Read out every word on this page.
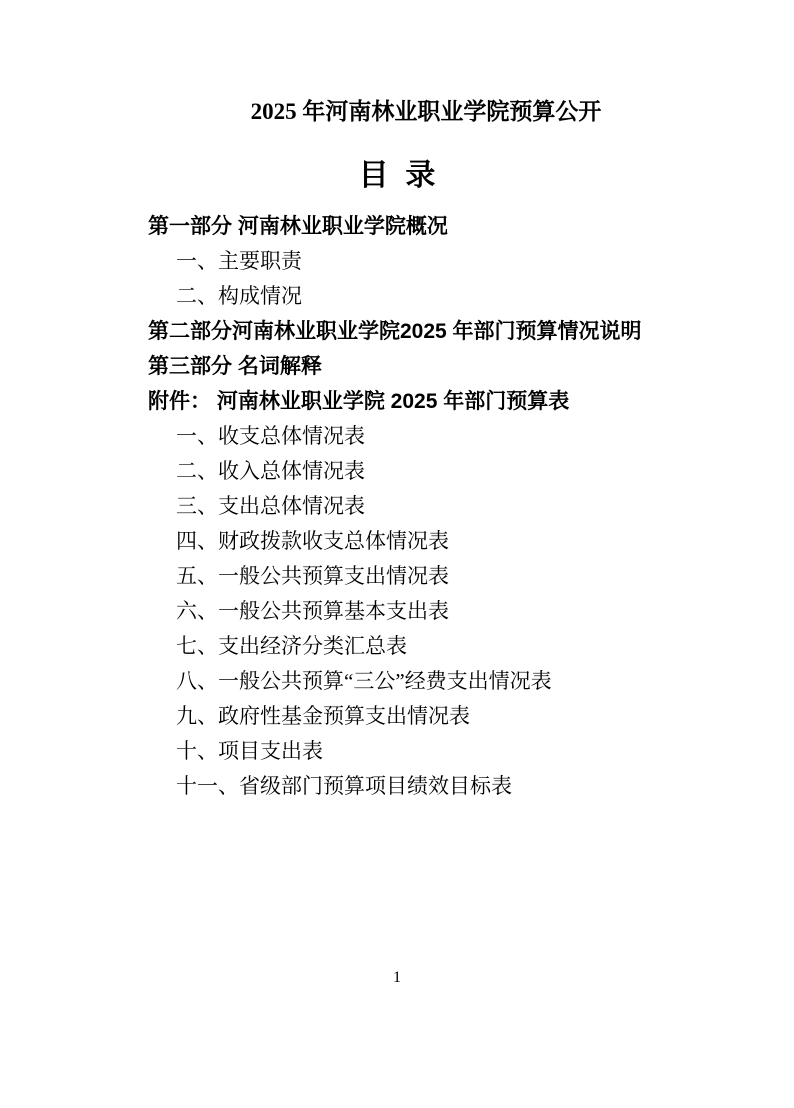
2025 年河南林业职业学院预算公开
目  录
第一部分 河南林业职业学院概况
一、主要职责
二、构成情况
第二部分河南林业职业学院2025 年部门预算情况说明
第三部分 名词解释
附件： 河南林业职业学院 2025 年部门预算表
一、收支总体情况表
二、收入总体情况表
三、支出总体情况表
四、财政拨款收支总体情况表
五、一般公共预算支出情况表
六、一般公共预算基本支出表
七、支出经济分类汇总表
八、一般公共预算“三公”经费支出情况表
九、政府性基金预算支出情况表
十、项目支出表
十一、省级部门预算项目绩效目标表
1
